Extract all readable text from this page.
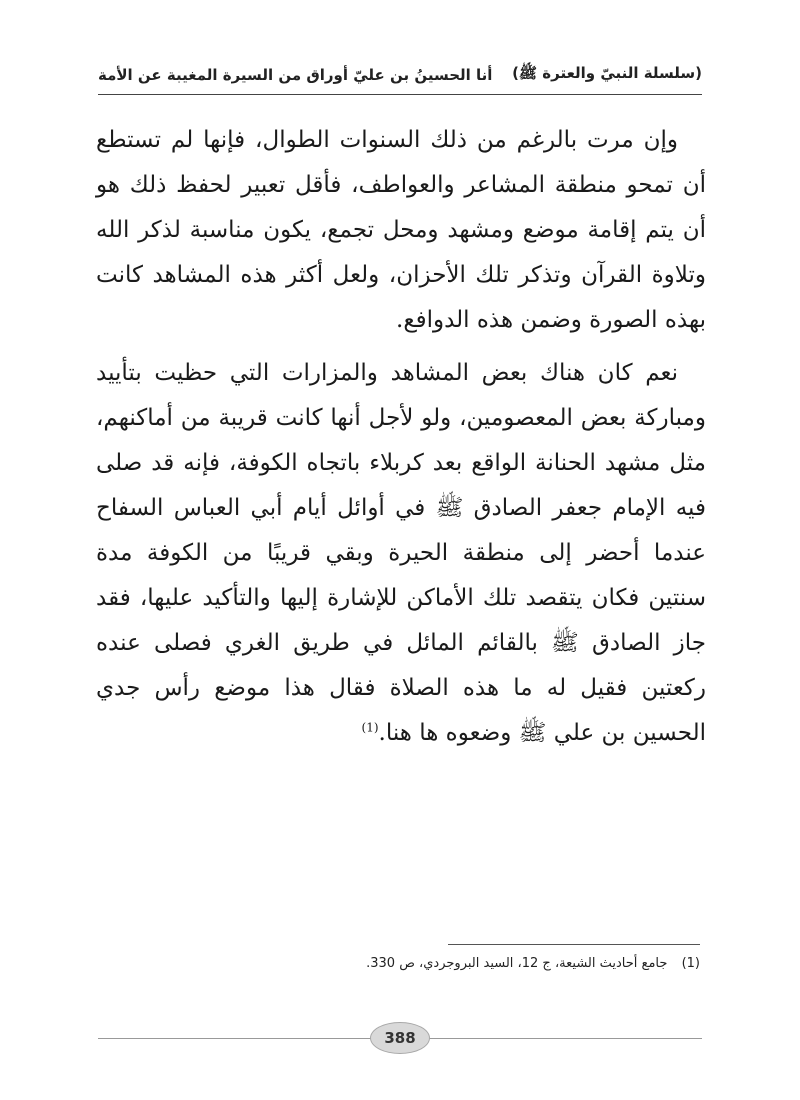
(سلسلة النبيّ والعترة ﷺ)
أنا الحسينُ بن عليّ أوراق من السيرة المغيبة عن الأمة

وإن مرت بالرغم من ذلك السنوات الطوال، فإنها لم تستطع أن تمحو منطقة المشاعر والعواطف، فأقل تعبير لحفظ ذلك هو أن يتم إقامة موضع ومشهد ومحل تجمع، يكون مناسبة لذكر الله وتلاوة القرآن وتذكر تلك الأحزان، ولعل أكثر هذه المشاهد كانت بهذه الصورة وضمن هذه الدوافع.

نعم كان هناك بعض المشاهد والمزارات التي حظيت بتأييد ومباركة بعض المعصومين، ولو لأجل أنها كانت قريبة من أماكنهم، مثل مشهد الحنانة الواقع بعد كربلاء باتجاه الكوفة، فإنه قد صلى فيه الإمام جعفر الصادق ﷺ في أوائل أيام أبي العباس السفاح عندما أحضر إلى منطقة الحيرة وبقي قريبًا من الكوفة مدة سنتين فكان يتقصد تلك الأماكن للإشارة إليها والتأكيد عليها، فقد جاز الصادق ﷺ بالقائم المائل في طريق الغري فصلى عنده ركعتين فقيل له ما هذه الصلاة فقال هذا موضع رأس جدي الحسين بن علي ﷺ وضعوه ها هنا.$^{(1)}$

(1) جامع أحاديث الشيعة، ج 12، السيد البروجردي، ص 330.
388
